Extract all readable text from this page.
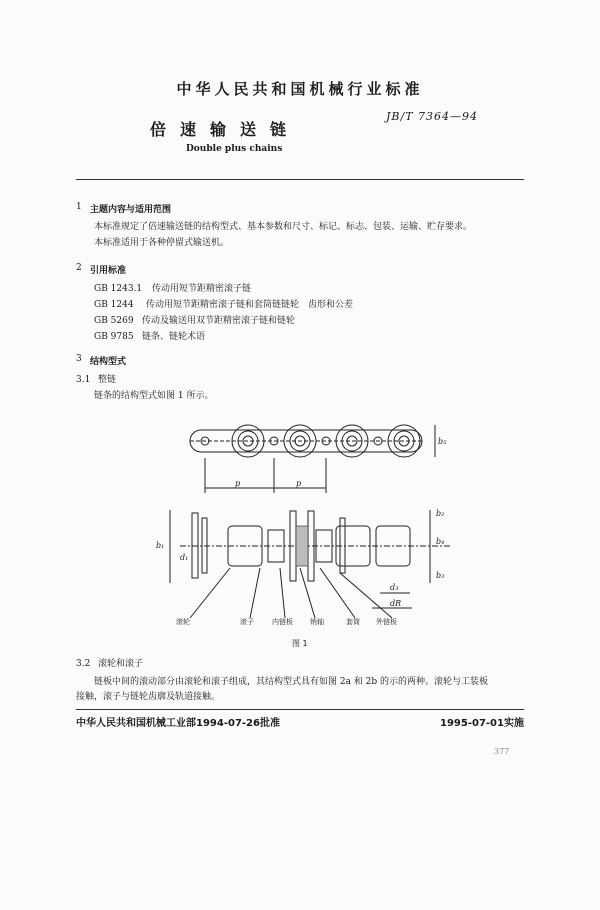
中华人民共和国机械行业标准
倍速输送链
JB/T 7364—94
Double plus chains
1 主题内容与适用范围
本标准规定了倍速输送链的结构型式、基本参数和尺寸、标记、标志、包装、运输、贮存要求。
本标准适用于各种停留式输送机。
2 引用标准
GB 1243.1 传动用短节距精密滚子链
GB 1244	传动用短节距精密滚子链和套筒链链轮　齿形和公差
GB 5269 传动及输送用双节距精密滚子链和链轮
GB 9785 链条、链轮术语
3 结构型式
3.1 整链
链条的结构型式如图 1 所示。
p	p
b₅
b₁
b₂
b₄
b₃
d₁
d₃
dR
滚轮	滚子	内链板 销轴	套筒 外链板
图 1
3.2 滚轮和滚子
链板中间的滚动部分由滚轮和滚子组成，其结构型式具有如图 2a 和 2b 的示的两种。滚轮与工装板
接触，滚子与链轮齿廓及轨道接触。
中华人民共和国机械工业部1994-07-26批准	1995-07-01实施
377
